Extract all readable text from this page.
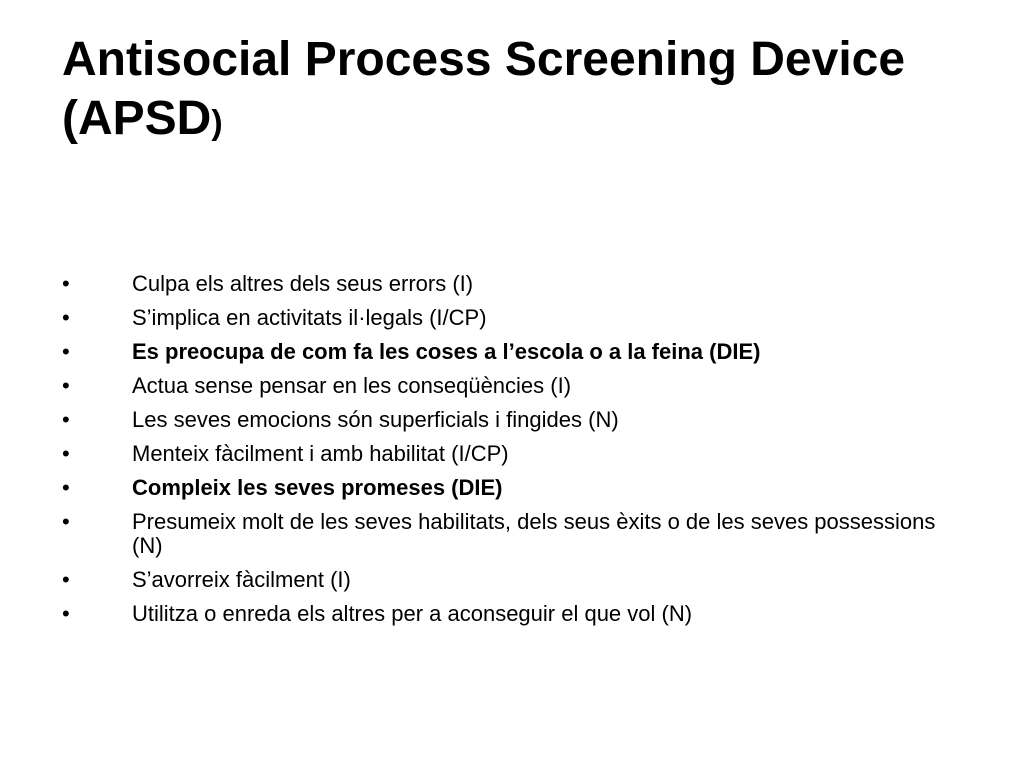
Antisocial Process Screening Device (APSD)
•	Culpa els altres dels seus errors (I)
•	S’implica en activitats il·legals (I/CP)
•	Es preocupa de com fa les coses a l’escola o a la feina (DIE)
•	Actua sense pensar en les conseqüències (I)
•	Les seves emocions són superficials i fingides (N)
•	Menteix fàcilment i amb habilitat (I/CP)
•	Compleix les seves promeses (DIE)
•	Presumeix molt de les seves habilitats, dels seus èxits o de les seves possessions (N)
•	S’avorreix fàcilment (I)
•	Utilitza o enreda els altres per a aconseguir el que vol (N)
